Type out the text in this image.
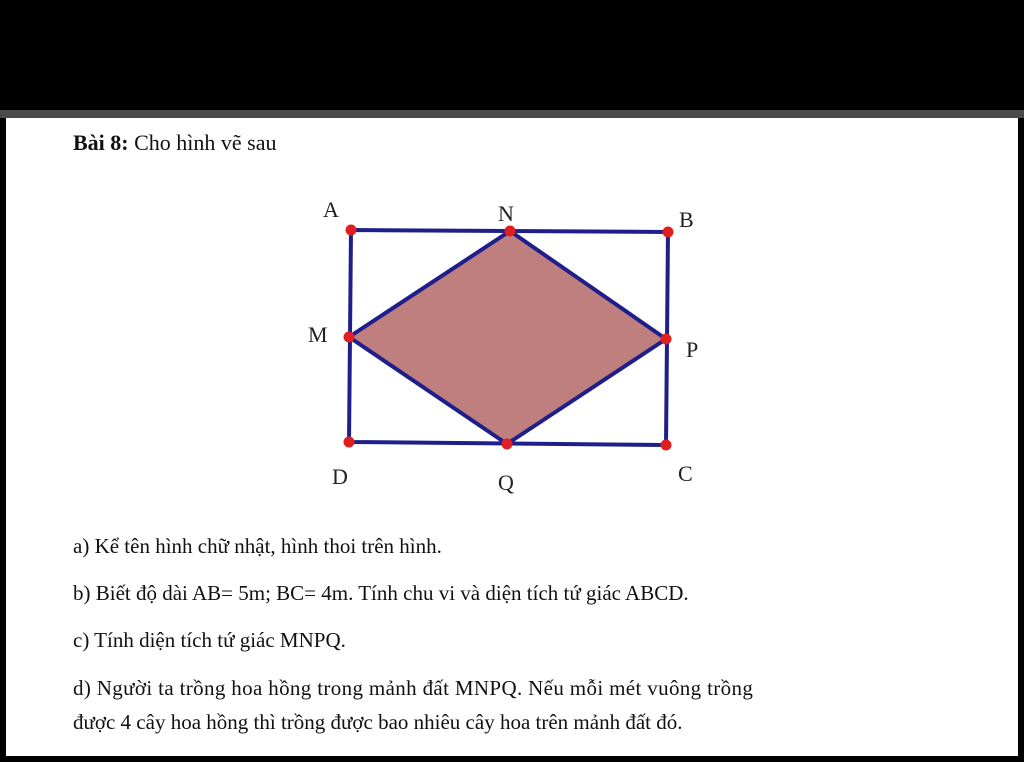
Bài 8: Cho hình vẽ sau
A	N	B
M
P
D	Q	C
a) Kể tên hình chữ nhật, hình thoi trên hình.
b) Biết độ dài AB= 5m; BC= 4m. Tính chu vi và diện tích tứ giác ABCD.
c) Tính diện tích tứ giác MNPQ.
d) Người ta trồng hoa hồng trong mảnh đất MNPQ. Nếu mỗi mét vuông trồng
được 4 cây hoa hồng thì trồng được bao nhiêu cây hoa trên mảnh đất đó.
